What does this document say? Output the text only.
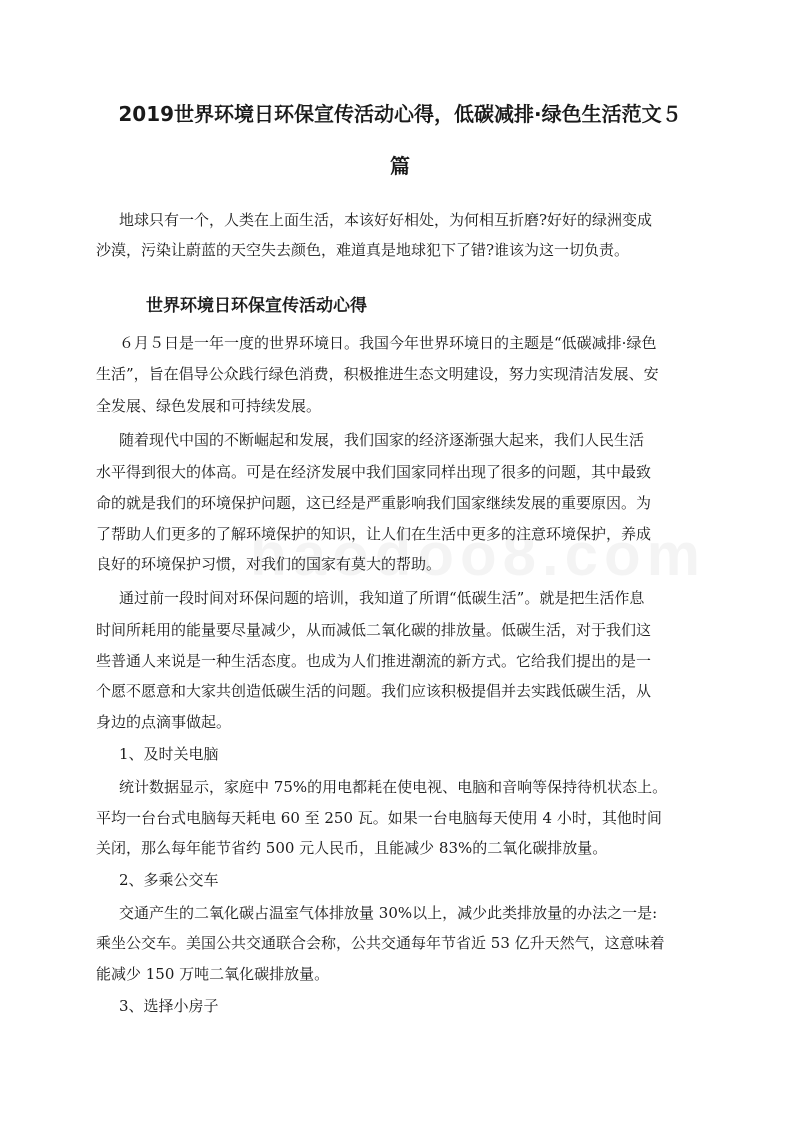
2019世界环境日环保宣传活动心得，低碳减排·绿色生活范文５
篇

地球只有一个，人类在上面生活，本该好好相处，为何相互折磨?好好的绿洲变成

沙漠，污染让蔚蓝的天空失去颜色，难道真是地球犯下了错?谁该为这一切负责。

世界环境日环保宣传活动心得

６月５日是一年一度的世界环境日。我国今年世界环境日的主题是“低碳减排·绿色

生活”，旨在倡导公众践行绿色消费，积极推进生态文明建设，努力实现清洁发展、安

全发展、绿色发展和可持续发展。

随着现代中国的不断崛起和发展，我们国家的经济逐渐强大起来，我们人民生活

水平得到很大的体高。可是在经济发展中我们国家同样出现了很多的问题，其中最致

命的就是我们的环境保护问题，这已经是严重影响我们国家继续发展的重要原因。为

了帮助人们更多的了解环境保护的知识，让人们在生活中更多的注意环境保护，养成

良好的环境保护习惯，对我们的国家有莫大的帮助。

通过前一段时间对环保问题的培训，我知道了所谓“低碳生活”。就是把生活作息

时间所耗用的能量要尽量减少，从而减低二氧化碳的排放量。低碳生活，对于我们这

些普通人来说是一种生活态度。也成为人们推进潮流的新方式。它给我们提出的是一

个愿不愿意和大家共创造低碳生活的问题。我们应该积极提倡并去实践低碳生活，从

身边的点滴事做起。

1、及时关电脑

统计数据显示，家庭中 75%的用电都耗在使电视、电脑和音响等保持待机状态上。

平均一台台式电脑每天耗电 60 至 250 瓦。如果一台电脑每天使用 4 小时，其他时间

关闭，那么每年能节省约 500 元人民币，且能减少 83%的二氧化碳排放量。

2、多乘公交车

交通产生的二氧化碳占温室气体排放量 30%以上，减少此类排放量的办法之一是:

乘坐公交车。美国公共交通联合会称，公共交通每年节省近 53 亿升天然气，这意味着

能减少 150 万吨二氧化碳排放量。

3、选择小房子
